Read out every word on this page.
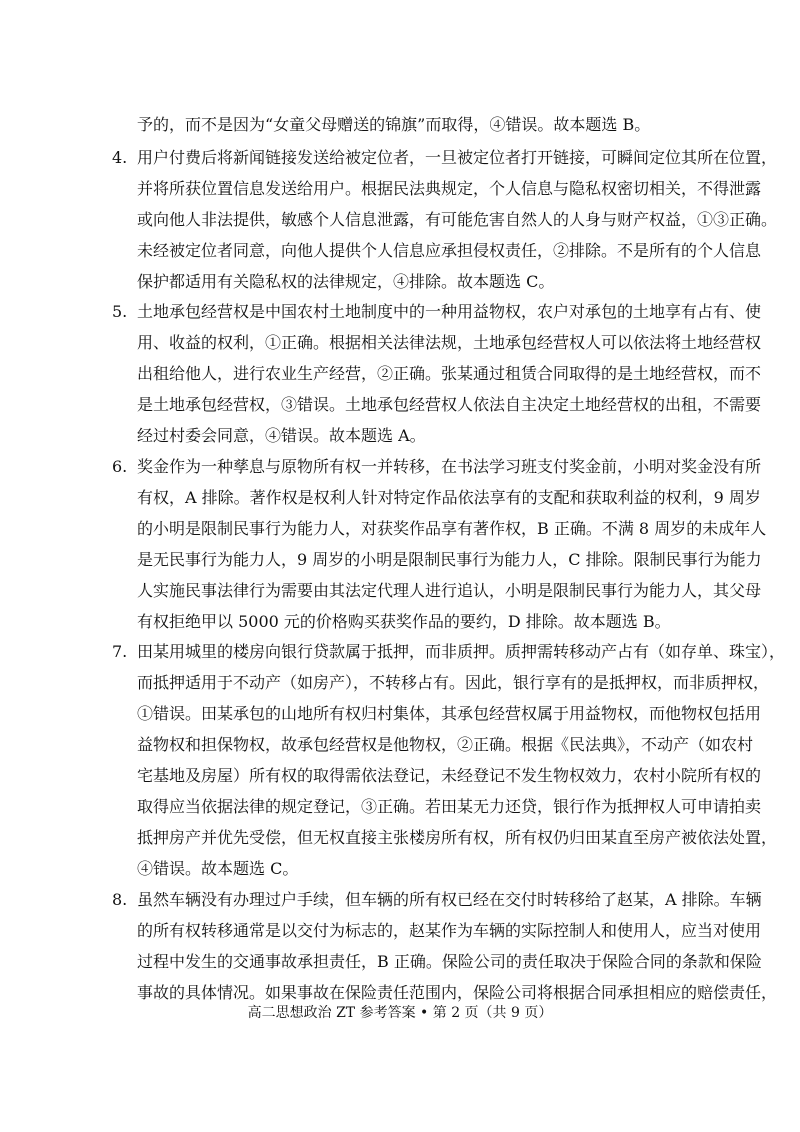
予的，而不是因为“女童父母赠送的锦旗”而取得，④错误。故本题选 B。
4. 用户付费后将新闻链接发送给被定位者，一旦被定位者打开链接，可瞬间定位其所在位置，
并将所获位置信息发送给用户。根据民法典规定，个人信息与隐私权密切相关，不得泄露
或向他人非法提供，敏感个人信息泄露，有可能危害自然人的人身与财产权益，①③正确。
未经被定位者同意，向他人提供个人信息应承担侵权责任，②排除。不是所有的个人信息
保护都适用有关隐私权的法律规定，④排除。故本题选 C。
5. 土地承包经营权是中国农村土地制度中的一种用益物权，农户对承包的土地享有占有、使
用、收益的权利，①正确。根据相关法律法规，土地承包经营权人可以依法将土地经营权
出租给他人，进行农业生产经营，②正确。张某通过租赁合同取得的是土地经营权，而不
是土地承包经营权，③错误。土地承包经营权人依法自主决定土地经营权的出租，不需要
经过村委会同意，④错误。故本题选 A。
6. 奖金作为一种孳息与原物所有权一并转移，在书法学习班支付奖金前，小明对奖金没有所
有权，A 排除。著作权是权利人针对特定作品依法享有的支配和获取利益的权利，9 周岁
的小明是限制民事行为能力人，对获奖作品享有著作权，B 正确。不满 8 周岁的未成年人
是无民事行为能力人，9 周岁的小明是限制民事行为能力人，C 排除。限制民事行为能力
人实施民事法律行为需要由其法定代理人进行追认，小明是限制民事行为能力人，其父母
有权拒绝甲以 5000 元的价格购买获奖作品的要约，D 排除。故本题选 B。
7. 田某用城里的楼房向银行贷款属于抵押，而非质押。质押需转移动产占有（如存单、珠宝），
而抵押适用于不动产（如房产），不转移占有。因此，银行享有的是抵押权，而非质押权，
①错误。田某承包的山地所有权归村集体，其承包经营权属于用益物权，而他物权包括用
益物权和担保物权，故承包经营权是他物权，②正确。根据《民法典》，不动产（如农村
宅基地及房屋）所有权的取得需依法登记，未经登记不发生物权效力，农村小院所有权的
取得应当依据法律的规定登记，③正确。若田某无力还贷，银行作为抵押权人可申请拍卖
抵押房产并优先受偿，但无权直接主张楼房所有权，所有权仍归田某直至房产被依法处置，
④错误。故本题选 C。
8. 虽然车辆没有办理过户手续，但车辆的所有权已经在交付时转移给了赵某，A 排除。车辆
的所有权转移通常是以交付为标志的，赵某作为车辆的实际控制人和使用人，应当对使用
过程中发生的交通事故承担责任，B 正确。保险公司的责任取决于保险合同的条款和保险
事故的具体情况。如果事故在保险责任范围内，保险公司将根据合同承担相应的赔偿责任，
高二思想政治 ZT 参考答案 • 第 2 页（共 9 页）
